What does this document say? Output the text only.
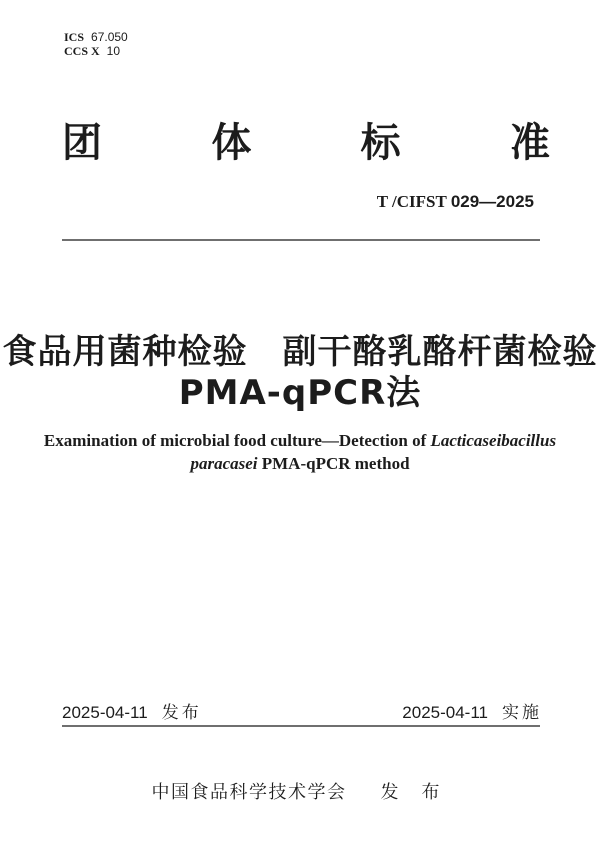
ICS 67.050
CCS X 10
团	体	标	准
T /CIFST 029—2025
食品用菌种检验　副干酪乳酪杆菌检验
PMA-qPCR法
Examination of microbial food culture—Detection of Lacticaseibacillus
paracasei PMA-qPCR method
2025-04-11 发布	2025-04-11 实施
中国食品科学技术学会 发 布
